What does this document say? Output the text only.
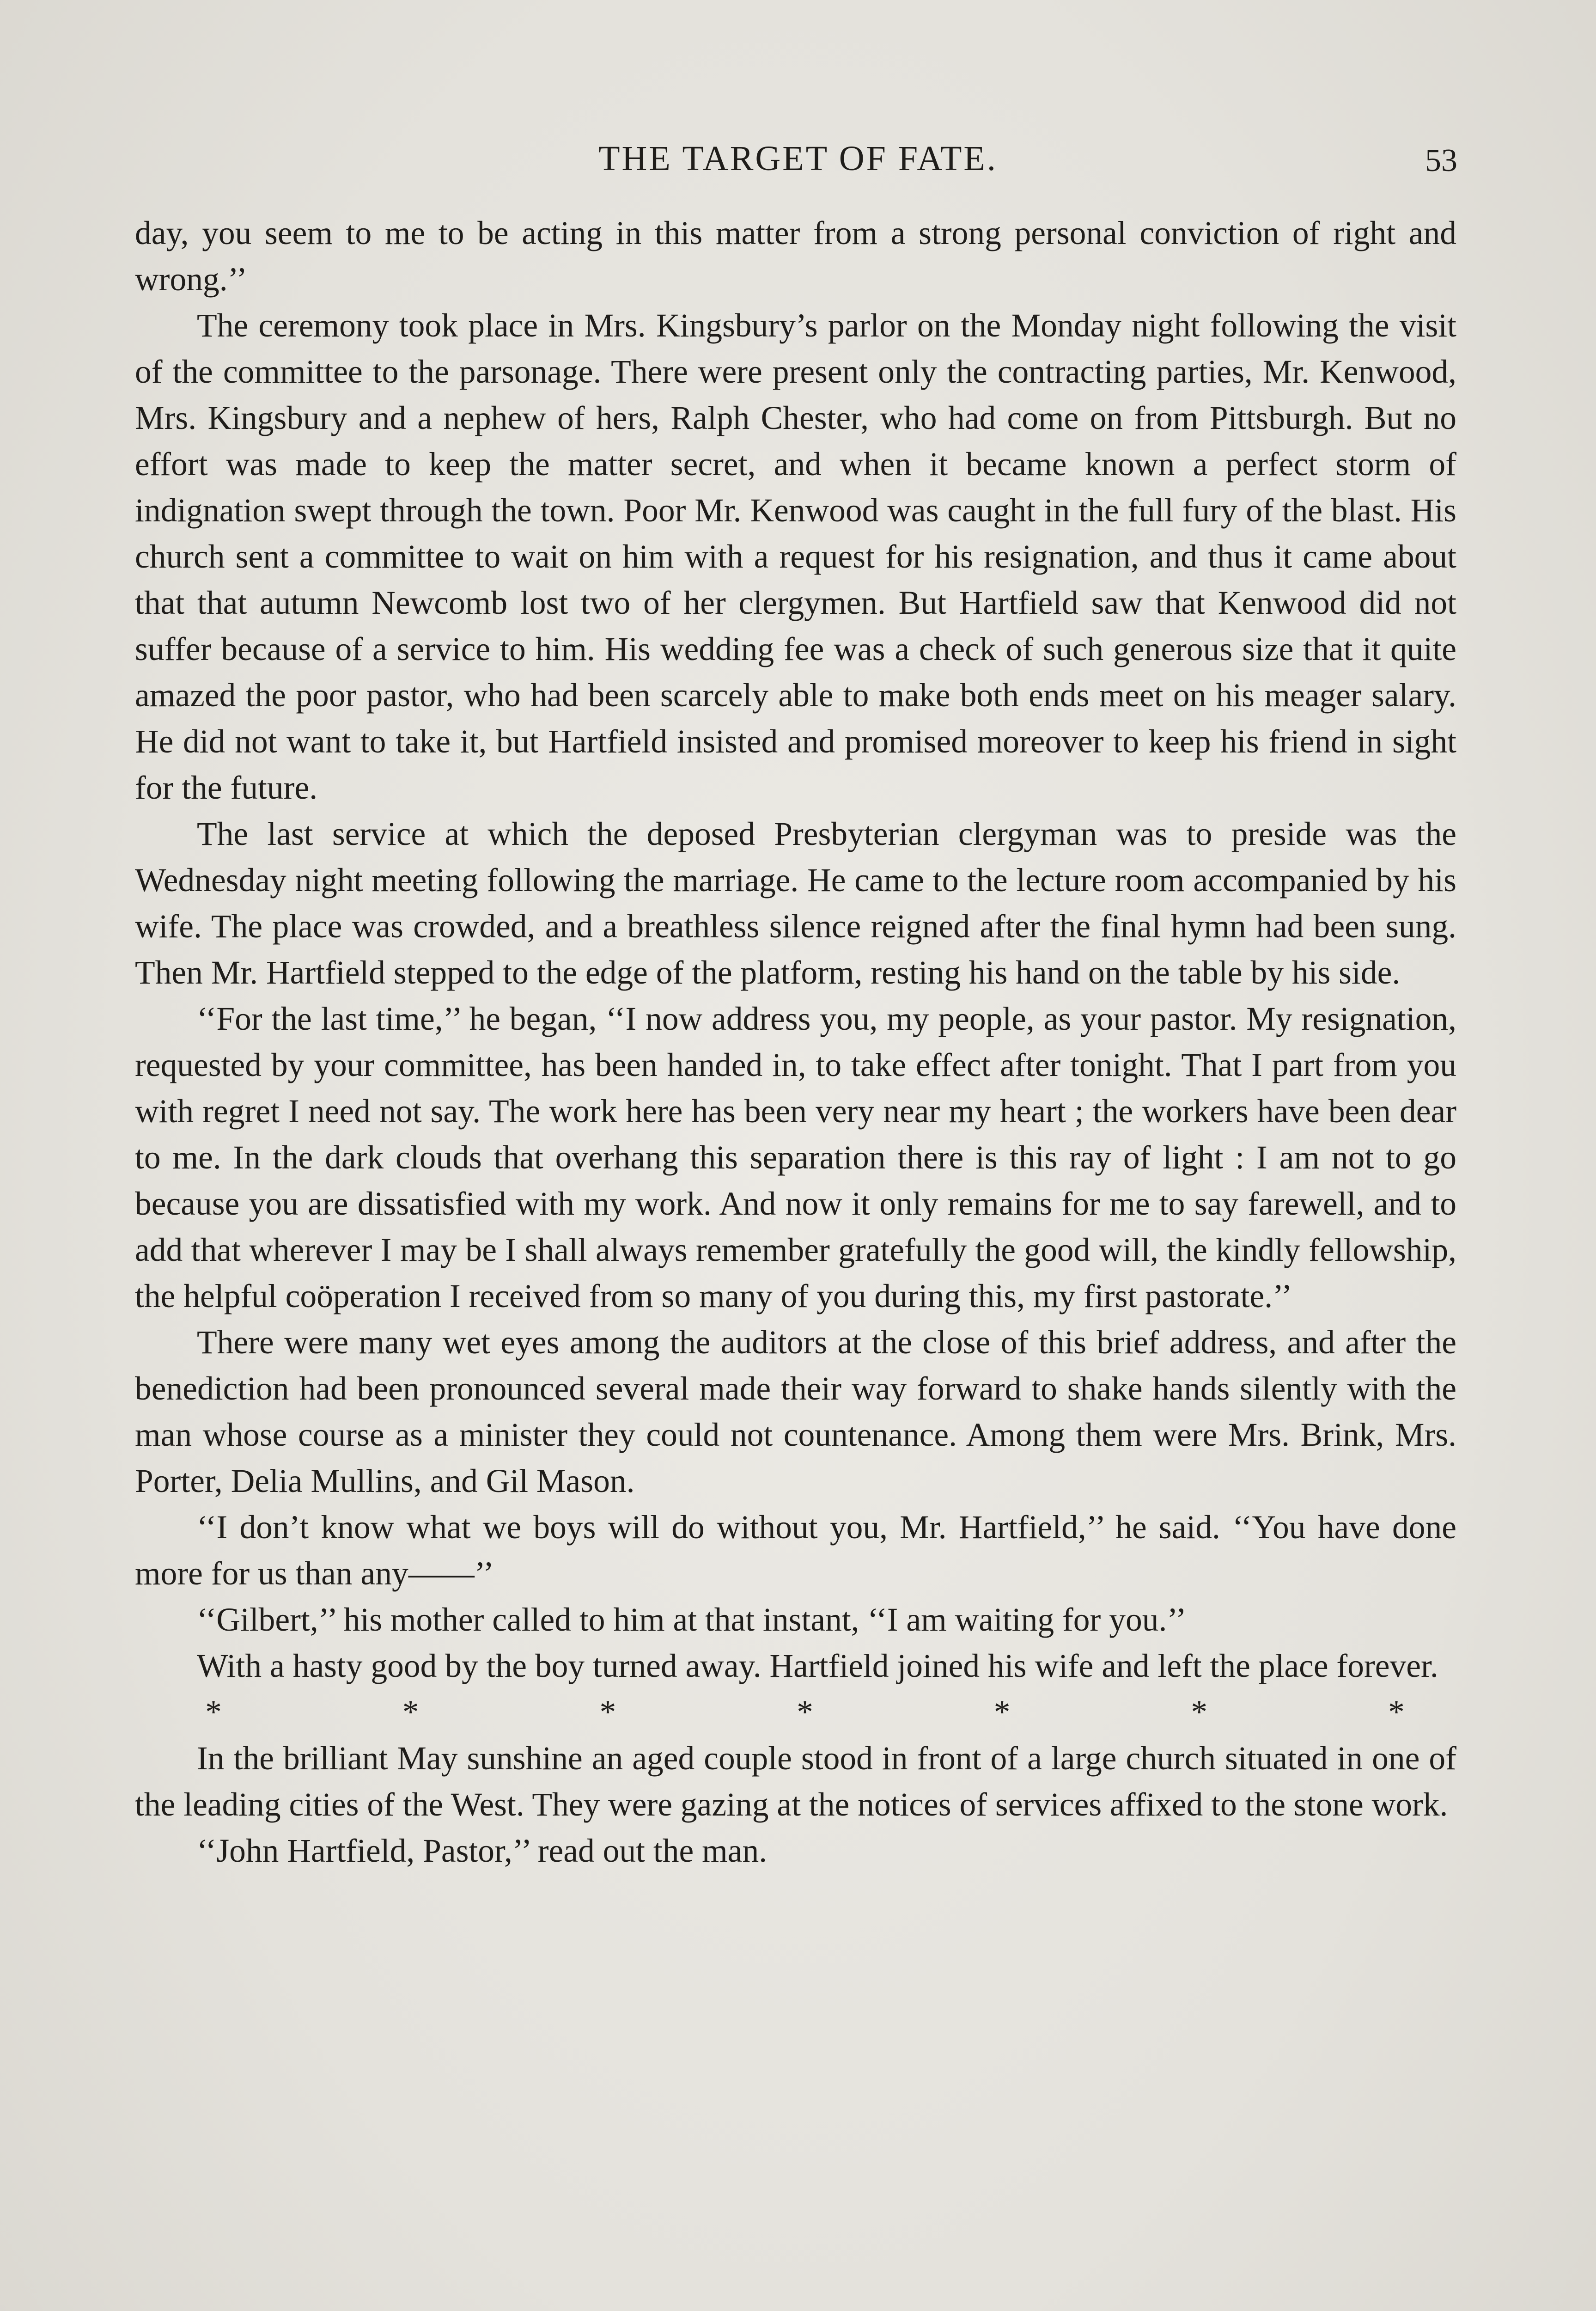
THE TARGET OF FATE.	53

day, you seem to me to be acting in this matter from a strong personal conviction of right and wrong.’’

The ceremony took place in Mrs. Kingsbury’s parlor on the Monday night following the visit of the committee to the parsonage. There were present only the contracting parties, Mr. Kenwood, Mrs. Kingsbury and a nephew of hers, Ralph Chester, who had come on from Pittsburgh. But no effort was made to keep the matter secret, and when it became known a perfect storm of indignation swept through the town. Poor Mr. Kenwood was caught in the full fury of the blast. His church sent a committee to wait on him with a request for his resignation, and thus it came about that that autumn Newcomb lost two of her clergymen. But Hartfield saw that Kenwood did not suffer because of a service to him. His wedding fee was a check of such generous size that it quite amazed the poor pastor, who had been scarcely able to make both ends meet on his meager salary. He did not want to take it, but Hartfield insisted and promised moreover to keep his friend in sight for the future.

The last service at which the deposed Presbyterian clergyman was to preside was the Wednesday night meeting following the marriage. He came to the lecture room accompanied by his wife. The place was crowded, and a breathless silence reigned after the final hymn had been sung. Then Mr. Hartfield stepped to the edge of the platform, resting his hand on the table by his side.

‘‘For the last time,’’ he began, ‘‘I now address you, my people, as your pastor. My resignation, requested by your committee, has been handed in, to take effect after tonight. That I part from you with regret I need not say. The work here has been very near my heart ; the workers have been dear to me. In the dark clouds that overhang this separation there is this ray of light : I am not to go because you are dissatisfied with my work. And now it only remains for me to say farewell, and to add that wherever I may be I shall always remember gratefully the good will, the kindly fellowship, the helpful coöperation I received from so many of you during this, my first pastorate.’’

There were many wet eyes among the auditors at the close of this brief address, and after the benediction had been pronounced several made their way forward to shake hands silently with the man whose course as a minister they could not countenance. Among them were Mrs. Brink, Mrs. Porter, Delia Mullins, and Gil Mason.

‘‘I don’t know what we boys will do without you, Mr. Hartfield,’’ he said. ‘‘You have done more for us than any——’’

‘‘Gilbert,’’ his mother called to him at that instant, ‘‘I am waiting for you.’’

With a hasty good by the boy turned away. Hartfield joined his wife and left the place forever.

*	*	*	*	*	*	*

In the brilliant May sunshine an aged couple stood in front of a large church situated in one of the leading cities of the West. They were gazing at the notices of services affixed to the stone work.

‘‘John Hartfield, Pastor,’’ read out the man.
